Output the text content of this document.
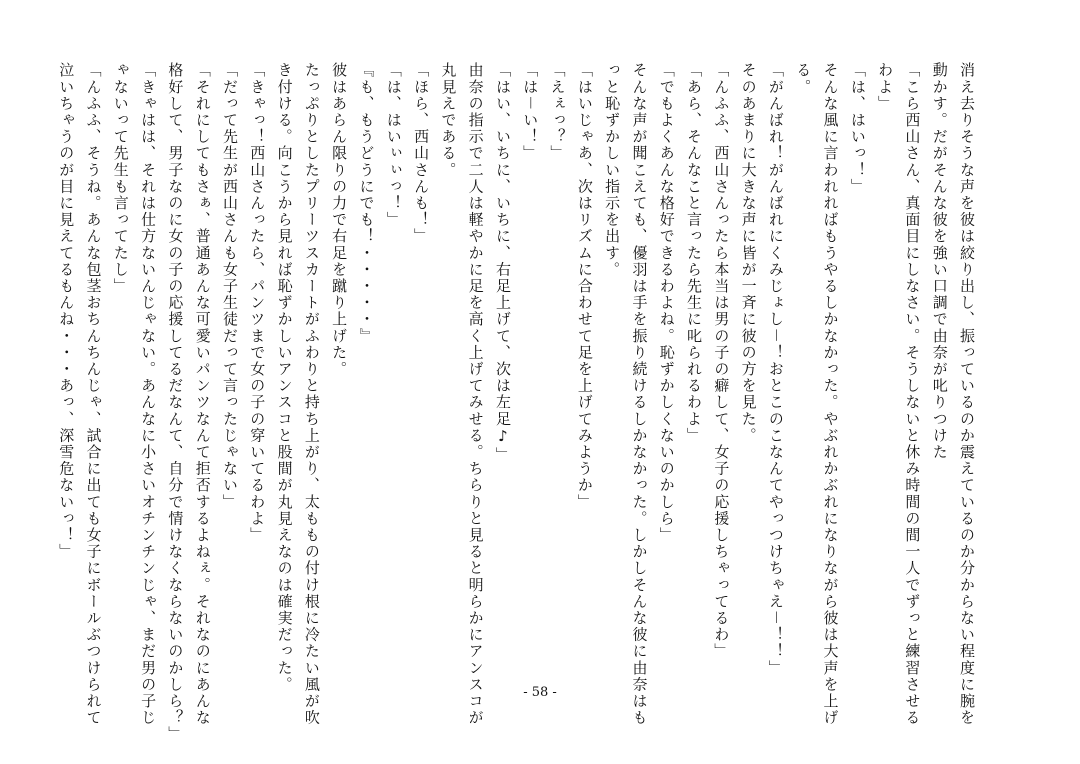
消え去りそうな声を彼は絞り出し、振っているのか震えているのか分からない程度に腕を
動かす。だがそんな彼を強い口調で由奈が叱りつけた
「こら西山さん、真面目にしなさい。そうしないと休み時間の間一人でずっと練習させる
わよ」
「は、はいっ！」
そんな風に言われればもうやるしかなかった。やぶれかぶれになりながら彼は大声を上げ
る。
「がんばれ！がんばれにくみじょし－！おとこのこなんてやっつけちゃえ－！！」
そのあまりに大きな声に皆が一斉に彼の方を見た。
「んふふ、西山さんったら本当は男の子の癖して、女子の応援しちゃってるわ」
「あら、そんなこと言ったら先生に叱られるわよ」
「でもよくあんな格好できるわよね。恥ずかしくないのかしら」
そんな声が聞こえても、優羽は手を振り続けるしかなかった。しかしそんな彼に由奈はも
っと恥ずかしい指示を出す。
「はいじゃあ、次はリズムに合わせて足を上げてみようか」
「えぇっ？」
「は－い！」
「はい、いちに、いちに、右足上げて、次は左足♪」
由奈の指示で二人は軽やかに足を高く上げてみせる。ちらりと見ると明らかにアンスコが
丸見えである。
「ほら、西山さんも！」
「は、はいぃぃっ！」
『も、もうどうにでも！・・・・・』
彼はあらん限りの力で右足を蹴り上げた。
たっぷりとしたプリーツスカートがふわりと持ち上がり、太ももの付け根に冷たい風が吹
き付ける。向こうから見れば恥ずかしいアンスコと股間が丸見えなのは確実だった。
「きゃっ！西山さんったら、パンツまで女の子の穿いてるわよ」
「だって先生が西山さんも女子生徒だって言ったじゃない」
「それにしてもさぁ、普通あんな可愛いパンツなんて拒否するよねぇ。それなのにあんな
格好して、男子なのに女の子の応援してるだなんて、自分で情けなくならないのかしら？」
「きゃはは、それは仕方ないんじゃない。あんなに小さいオチンチンじゃ、まだ男の子じ
ゃないって先生も言ってたし」
「んふふ、そうね。あんな包茎おちんちんじゃ、試合に出ても女子にボールぶつけられて
泣いちゃうのが目に見えてるもんね・・・あっ、深雪危ないっ！」
- 58 -
